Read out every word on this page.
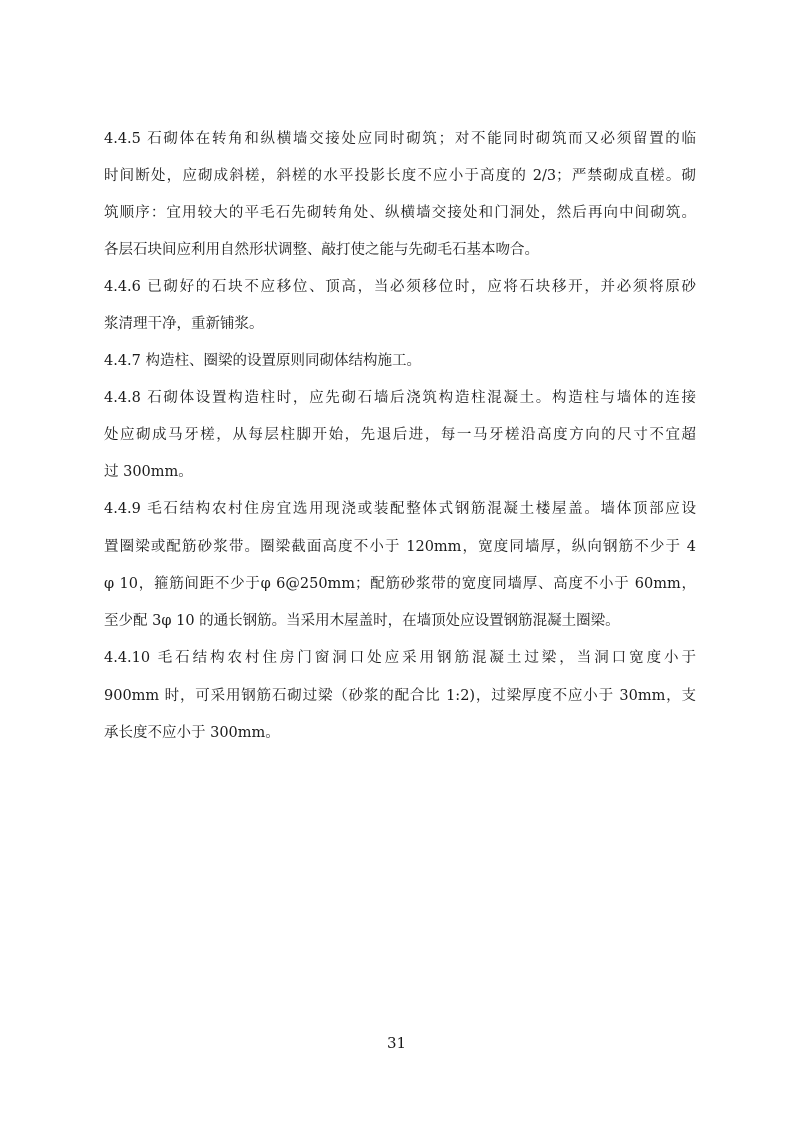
4.4.5 石砌体在转角和纵横墙交接处应同时砌筑；对不能同时砌筑而又必须留置的临
时间断处，应砌成斜槎，斜槎的水平投影长度不应小于高度的 2/3；严禁砌成直槎。砌
筑顺序：宜用较大的平毛石先砌转角处、纵横墙交接处和门洞处，然后再向中间砌筑。
各层石块间应利用自然形状调整、敲打使之能与先砌毛石基本吻合。
4.4.6 已砌好的石块不应移位、顶高，当必须移位时，应将石块移开，并必须将原砂
浆清理干净，重新铺浆。
4.4.7 构造柱、圈梁的设置原则同砌体结构施工。
4.4.8 石砌体设置构造柱时，应先砌石墙后浇筑构造柱混凝土。构造柱与墙体的连接
处应砌成马牙槎，从每层柱脚开始，先退后进，每一马牙槎沿高度方向的尺寸不宜超
过 300mm。
4.4.9 毛石结构农村住房宜选用现浇或装配整体式钢筋混凝土楼屋盖。墙体顶部应设
置圈梁或配筋砂浆带。圈梁截面高度不小于 120mm，宽度同墙厚，纵向钢筋不少于 4
φ 10，箍筋间距不少于φ 6@250mm；配筋砂浆带的宽度同墙厚、高度不小于 60mm，
至少配 3φ 10 的通长钢筋。当采用木屋盖时，在墙顶处应设置钢筋混凝土圈梁。
4.4.10 毛石结构农村住房门窗洞口处应采用钢筋混凝土过梁，当洞口宽度小于
900mm 时，可采用钢筋石砌过梁（砂浆的配合比 1:2)，过梁厚度不应小于 30mm，支
承长度不应小于 300mm。
31
